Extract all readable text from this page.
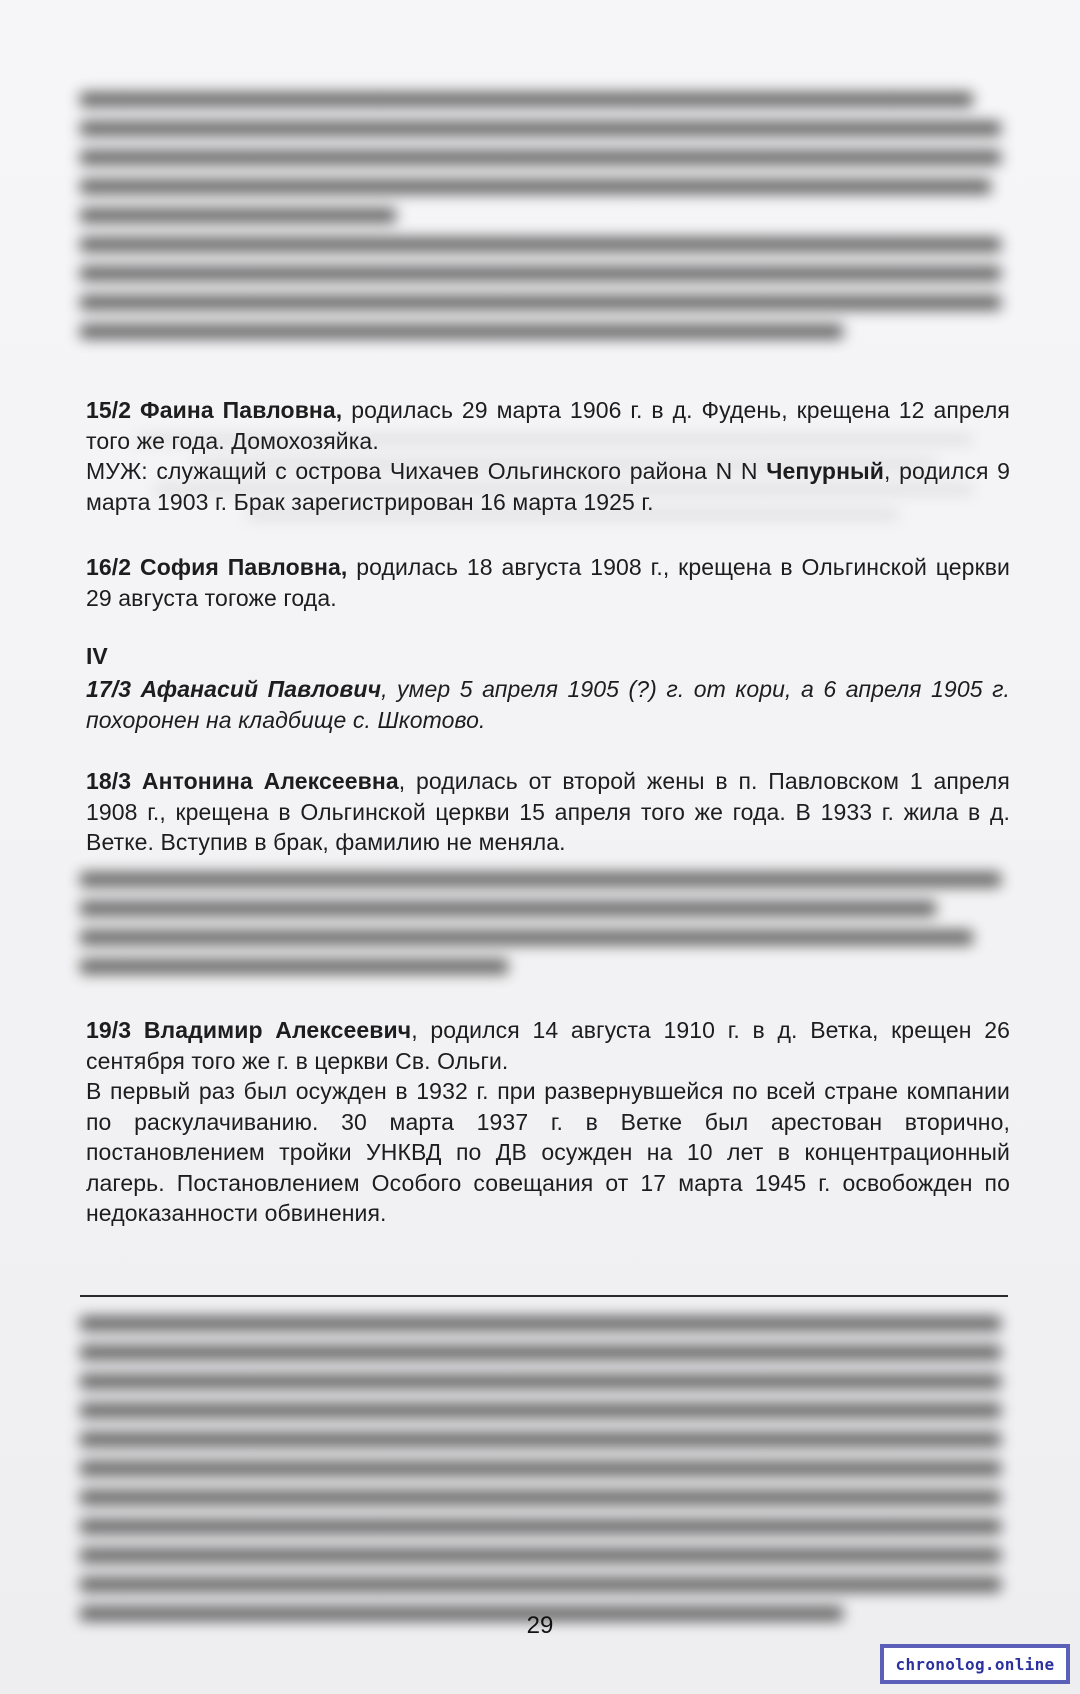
15/2 Фаина Павловна, родилась 29 марта 1906 г. в д. Фудень, крещена 12 апреля того же года. Домохозяйка.

МУЖ: служащий с острова Чихачев Ольгинского района N N Чепурный, родился 9 марта 1903 г. Брак зарегистрирован 16 марта 1925 г.

16/2 София Павловна, родилась 18 августа 1908 г., крещена в Ольгинской церкви 29 августа тогоже года.

IV

17/3 Афанасий Павлович, умер 5 апреля 1905 (?) г. от кори, а 6 апреля 1905 г. похоронен на кладбище с. Шкотово.

18/3 Антонина Алексеевна, родилась от второй жены в п. Павловском 1 апреля 1908 г., крещена в Ольгинской церкви 15 апреля того же года. В 1933 г. жила в д. Ветке. Вступив в брак, фамилию не меняла.

19/3 Владимир Алексеевич, родился 14 августа 1910 г. в д. Ветка, крещен 26 сентября того же г. в церкви Св. Ольги.

В первый раз был осужден в 1932 г. при развернувшейся по всей стране компании по раскулачиванию. 30 марта 1937 г. в Ветке был арестован вторично, постановлением тройки УНКВД по ДВ осужден на 10 лет в концентрационный лагерь. Постановлением Особого совещания от 17 марта 1945 г. освобожден по недоказанности обвинения.

29
chronolog.online
